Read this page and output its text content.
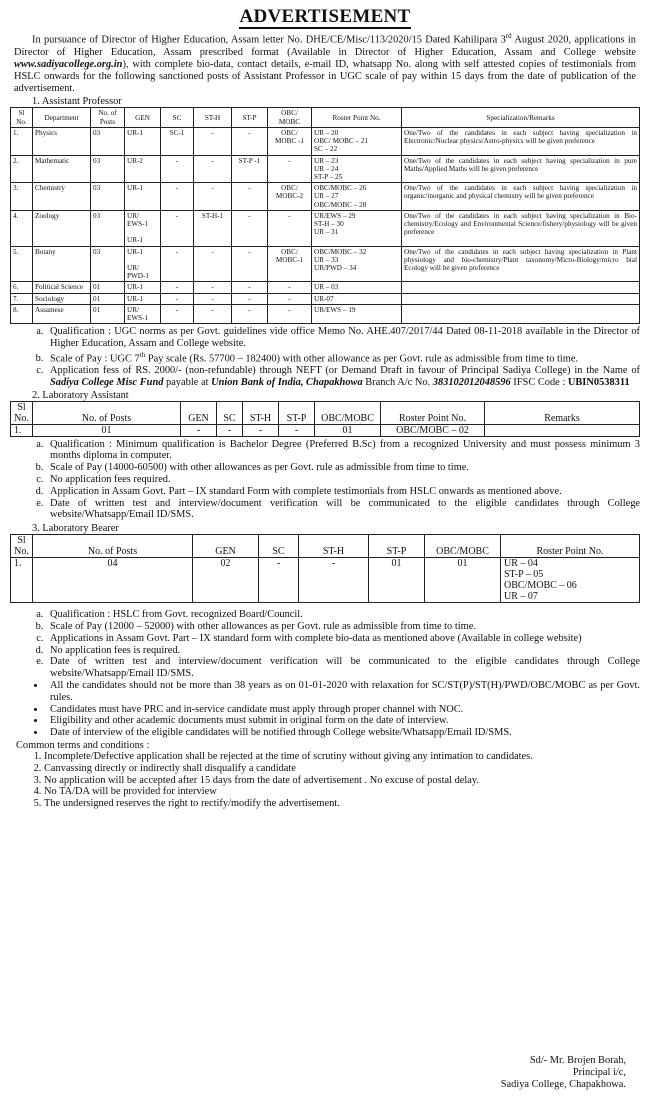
ADVERTISEMENT

In pursuance of Director of Higher Education, Assam letter No. DHE/CE/Misc/113/2020/15 Dated Kahilipara 3rd August 2020, applications in Director of Higher Education, Assam prescribed format (Available in Director of Higher Education, Assam and College website www.sadiyacollege.org.in), with complete bio-data, contact details, e-mail ID, whatsapp No. along with self attested copies of testimonials from HSLC onwards for the following sanctioned posts of Assistant Professor in UGC scale of pay within 15 days from the date of publication of the advertisement.

1. Assistant Professor
Sl No.	Department	No. of Posts	GEN	SC	ST-H	ST-P	OBC/ MOBC	Roster Point No.	Specialization/Remarks
1.	Physics	03	UR-1	SC-1	-	-	OBC/ MOBC -1	UR – 20
OBC/ MOBC – 21
SC – 22	One/Two of the candidates in each subject having specialization in Electronic/Nuclear physics/Astro-physics will be given preference
2.	Mathematic	03	UR-2	-	-	ST-P -1	-	UR – 23
UR – 24
ST-P – 25	One/Two of the candidates in each subject having specialization in pure Maths/Applied Maths will be given preference
3.	Chemistry	03	UR-1	-	-	-	OBC/ MOBC-2	OBC/MOBC – 26
UR – 27
OBC/MOBC – 28	One/Two of the candidates in each subject having specialization in organic/inorganic and physical chemistry will be given preference
4.	Zoology	03	UR/ EWS-1

UR-1	-	ST-H-1	-	-	UR/EWS – 29
ST-H – 30
UR – 31	One/Two of the candidates in each subject having specialization in Bio-chemistry/Ecology and Environmental Science/fishery/physiology will be given preference
5.	Botany	03	UR-1

UR/ PWD-1	-	-	-	OBC/ MOBC-1	OBC/MOBC – 32
UR – 33
UR/PWD – 34	One/Two of the candidates in each subject having specialization in Plant physiology and bio-chemistry/Plant taxonomy/Micro-Biology/micro bial Ecology will be given preference
6.	Political Science	01	UR-1	-	-	-	-	UR – 03	
7.	Sociology	01	UR-1	-	-	-	-	UR-07	
8.	Assamese	01	UR/ EWS-1	-	-	-	-	UR/EWS – 19	
a. Qualification : UGC norms as per Govt. guidelines vide office Memo No. AHE.407/2017/44 Dated 08-11-2018 available in the Director of Higher Education, Assam and College website.
b. Scale of Pay : UGC 7th Pay scale (Rs. 57700 – 182400) with other allowance as per Govt. rule as admissible from time to time.
c. Application fess of RS. 2000/- (non-refundable) through NEFT (or Demand Draft in favour of Principal Sadiya College) in the Name of Sadiya College Misc Fund payable at Union Bank of India, Chapakhowa Branch A/c No. 383102012048596 IFSC Code : UBIN0538311
2. Laboratory Assistant
Sl No.	No. of Posts	GEN	SC	ST-H	ST-P	OBC/MOBC	Roster Point No.	Remarks
1.	01	-	-	-	-	01	OBC/MOBC – 02	
a. Qualification : Minimum qualification is Bachelor Degree (Preferred B.Sc) from a recognized University and must possess minimum 3 months diploma in computer.
b. Scale of Pay (14000-60500) with other allowances as per Govt. rule as admissible from time to time.
c. No application fees required.
d. Application in Assam Govt. Part – IX standard Form with complete testimonials from HSLC onwards as mentioned above.
e. Date of written test and interview/document verification will be communicated to the eligible candidates through College website/Whatsapp/Email ID/SMS.
3. Laboratory Bearer
Sl No.	No. of Posts	GEN	SC	ST-H	ST-P	OBC/MOBC	Roster Point No.
1.	04	02	-	-	01	01	UR – 04
ST-P – 05
OBC/MOBC – 06
UR – 07
a. Qualification : HSLC from Govt. recognized Board/Council.
b. Scale of Pay (12000 – 52000) with other allowances as per Govt. rule as admissible from time to time.
c. Applications in Assam Govt. Part – IX standard form with complete bio-data as mentioned above (Available in college website)
d. No application fees is required.
e. Date of written test and interview/document verification will be communicated to the eligible candidates through College website/Whatsapp/Email ID/SMS.
• All the candidates should not be more than 38 years as on 01-01-2020 with relaxation for SC/ST(P)/ST(H)/PWD/OBC/MOBC as per Govt. rules.
• Candidates must have PRC and in-service candidate must apply through proper channel with NOC.
• Eligibility and other academic documents must submit in original form on the date of interview.
• Date of interview of the eligible candidates will be notified through College website/Whatsapp/Email ID/SMS.
Common terms and conditions :
1. Incomplete/Defective application shall be rejected at the time of scrutiny without giving any intimation to candidates.
2. Canvassing directly or indirectly shall disqualify a candidate
3. No application will be accepted after 15 days from the date of advertisement . No excuse of postal delay.
4. No TA/DA will be provided for interview
5. The undersigned reserves the right to rectify/modify the advertisement.
Sd/- Mr. Brojen Borah,
Principal i/c,
Sadiya College, Chapakhowa.
